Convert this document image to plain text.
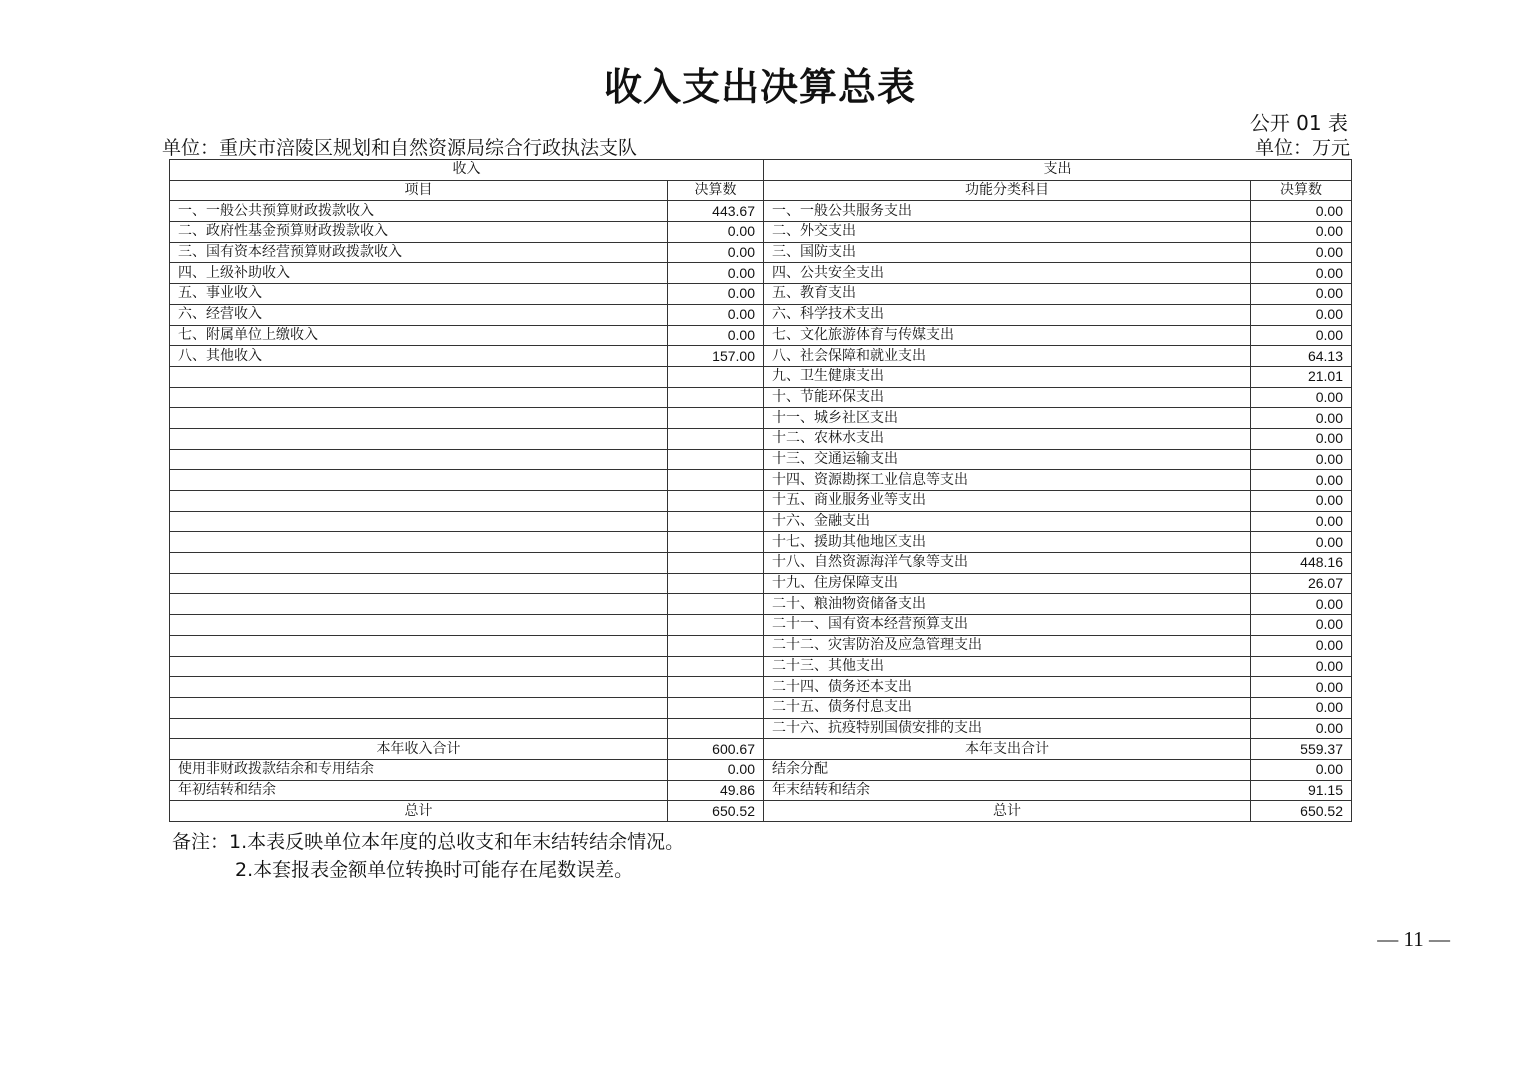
收入支出决算总表
公开 01 表
单位：重庆市涪陵区规划和自然资源局综合行政执法支队	单位：万元
收入		支出	
项目	决算数	功能分类科目	决算数
一、一般公共预算财政拨款收入	443.67	一、一般公共服务支出	0.00
二、政府性基金预算财政拨款收入	0.00	二、外交支出	0.00
三、国有资本经营预算财政拨款收入	0.00	三、国防支出	0.00
四、上级补助收入	0.00	四、公共安全支出	0.00
五、事业收入	0.00	五、教育支出	0.00
六、经营收入	0.00	六、科学技术支出	0.00
七、附属单位上缴收入	0.00	七、文化旅游体育与传媒支出	0.00
八、其他收入	157.00	八、社会保障和就业支出	64.13
		九、卫生健康支出	21.01
		十、节能环保支出	0.00
		十一、城乡社区支出	0.00
		十二、农林水支出	0.00
		十三、交通运输支出	0.00
		十四、资源勘探工业信息等支出	0.00
		十五、商业服务业等支出	0.00
		十六、金融支出	0.00
		十七、援助其他地区支出	0.00
		十八、自然资源海洋气象等支出	448.16
		十九、住房保障支出	26.07
		二十、粮油物资储备支出	0.00
		二十一、国有资本经营预算支出	0.00
		二十二、灾害防治及应急管理支出	0.00
		二十三、其他支出	0.00
		二十四、债务还本支出	0.00
		二十五、债务付息支出	0.00
		二十六、抗疫特别国债安排的支出	0.00
本年收入合计	600.67	本年支出合计	559.37
使用非财政拨款结余和专用结余	0.00	结余分配	0.00
年初结转和结余	49.86	年末结转和结余	91.15
总计	650.52	总计	650.52
备注：1.本表反映单位本年度的总收支和年末结转结余情况。
2.本套报表金额单位转换时可能存在尾数误差。
— 11 —
